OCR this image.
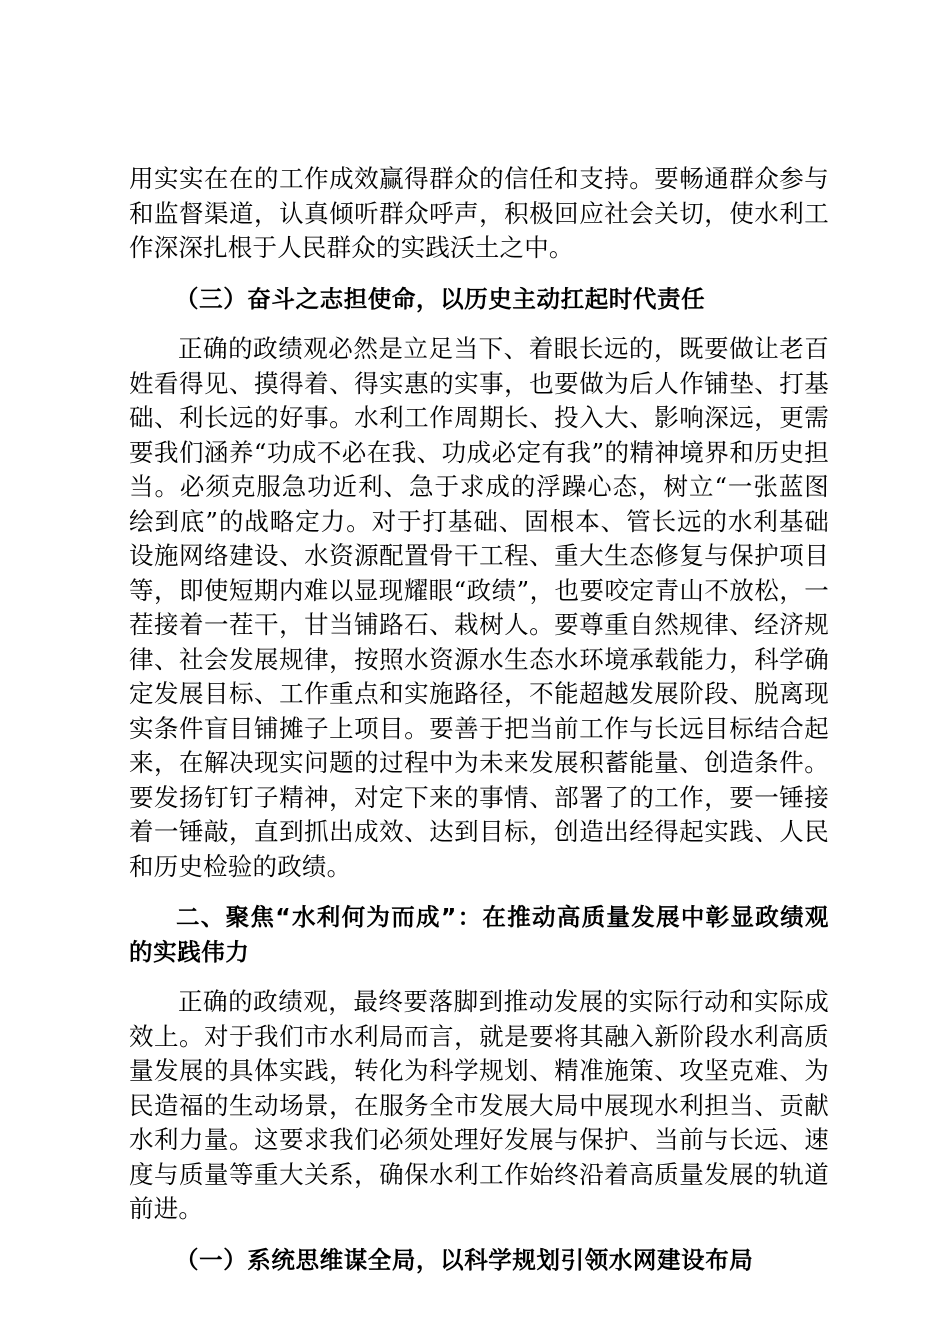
用实实在在的工作成效赢得群众的信任和支持。要畅通群众参与和监督渠道，认真倾听群众呼声，积极回应社会关切，使水利工作深深扎根于人民群众的实践沃土之中。

（三）奋斗之志担使命，以历史主动扛起时代责任

正确的政绩观必然是立足当下、着眼长远的，既要做让老百姓看得见、摸得着、得实惠的实事，也要做为后人作铺垫、打基础、利长远的好事。水利工作周期长、投入大、影响深远，更需要我们涵养“功成不必在我、功成必定有我”的精神境界和历史担当。必须克服急功近利、急于求成的浮躁心态，树立“一张蓝图绘到底”的战略定力。对于打基础、固根本、管长远的水利基础设施网络建设、水资源配置骨干工程、重大生态修复与保护项目等，即使短期内难以显现耀眼“政绩”，也要咬定青山不放松，一茬接着一茬干，甘当铺路石、栽树人。要尊重自然规律、经济规律、社会发展规律，按照水资源水生态水环境承载能力，科学确定发展目标、工作重点和实施路径，不能超越发展阶段、脱离现实条件盲目铺摊子上项目。要善于把当前工作与长远目标结合起来，在解决现实问题的过程中为未来发展积蓄能量、创造条件。要发扬钉钉子精神，对定下来的事情、部署了的工作，要一锤接着一锤敲，直到抓出成效、达到目标，创造出经得起实践、人民和历史检验的政绩。

二、聚焦“水利何为而成”：在推动高质量发展中彰显政绩观的实践伟力

正确的政绩观，最终要落脚到推动发展的实际行动和实际成效上。对于我们市水利局而言，就是要将其融入新阶段水利高质量发展的具体实践，转化为科学规划、精准施策、攻坚克难、为民造福的生动场景，在服务全市发展大局中展现水利担当、贡献水利力量。这要求我们必须处理好发展与保护、当前与长远、速度与质量等重大关系，确保水利工作始终沿着高质量发展的轨道前进。

（一）系统思维谋全局，以科学规划引领水网建设布局
